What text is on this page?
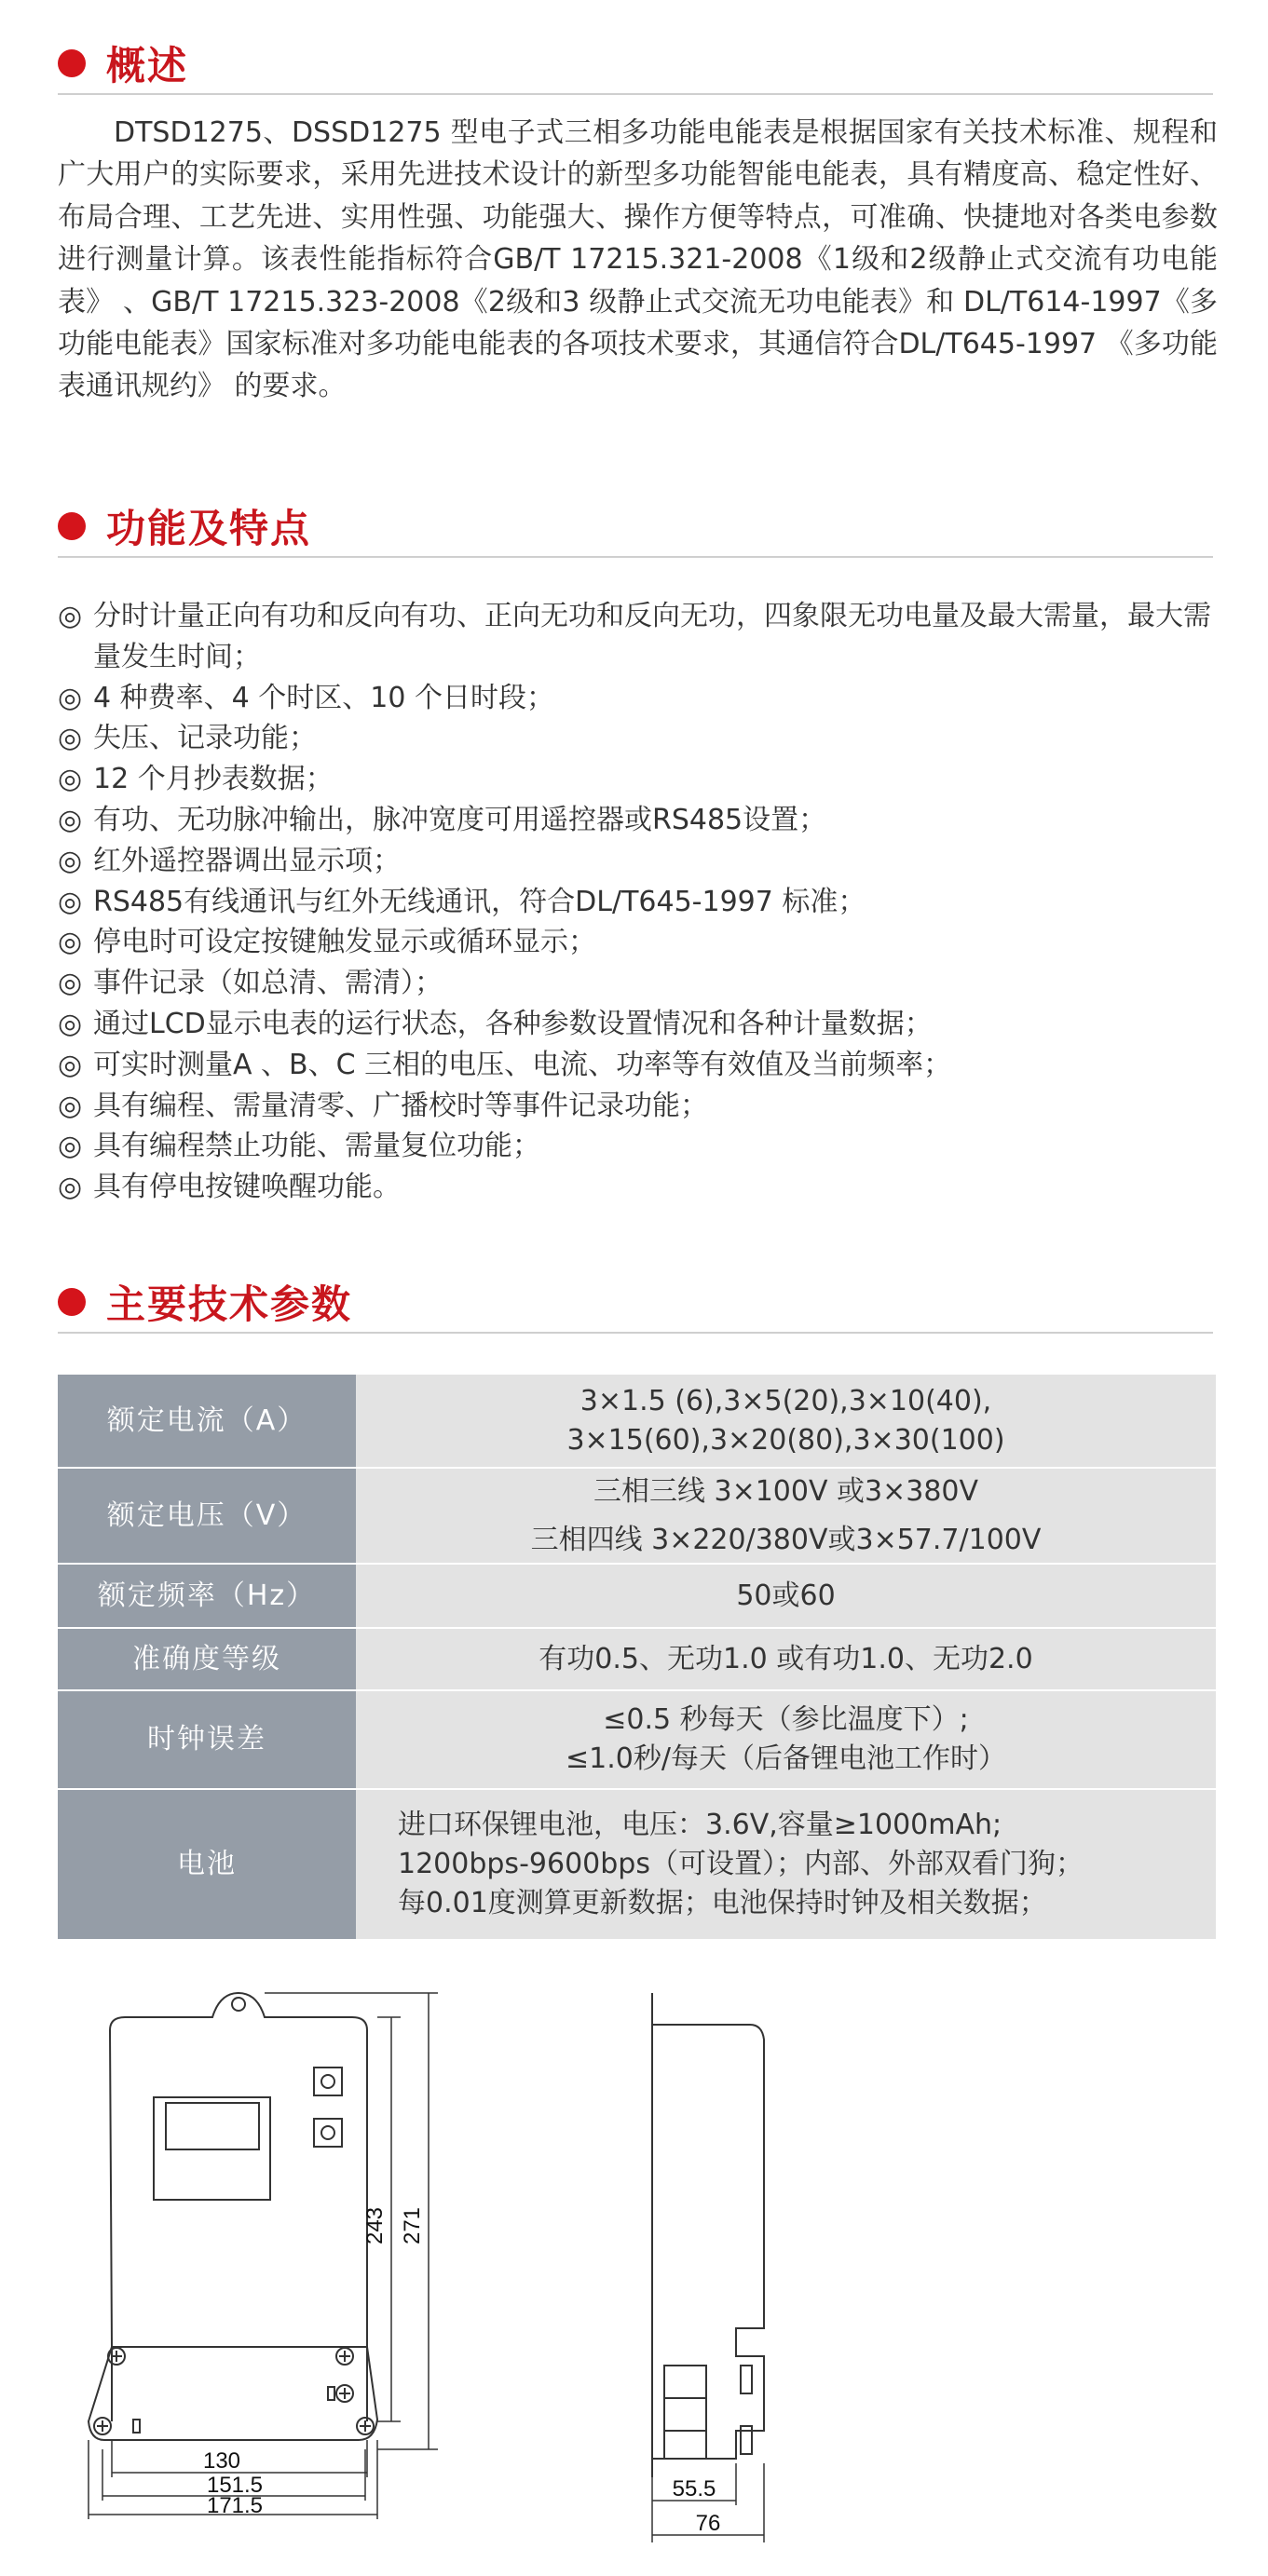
概述

DTSD1275、DSSD1275 型电子式三相多功能电能表是根据国家有关技术标准、规程和广大用户的实际要求，采用先进技术设计的新型多功能智能电能表，具有精度高、稳定性好、布局合理、工艺先进、实用性强、功能强大、操作方便等特点，可准确、快捷地对各类电参数进行测量计算。该表性能指标符合GB/T 17215.321-2008《1级和2级静止式交流有功电能表》 、GB/T 17215.323-2008《2级和3 级静止式交流无功电能表》和 DL/T614-1997《多功能电能表》国家标准对多功能电能表的各项技术要求，其通信符合DL/T645-1997 《多功能表通讯规约》 的要求。

功能及特点
◎ 分时计量正向有功和反向有功、正向无功和反向无功，四象限无功电量及最大需量，最大需量发生时间；
◎ 4 种费率、4 个时区、10 个日时段；
◎ 失压、记录功能；
◎ 12 个月抄表数据；
◎ 有功、无功脉冲输出，脉冲宽度可用遥控器或RS485设置；
◎ 红外遥控器调出显示项；
◎ RS485有线通讯与红外无线通讯，符合DL/T645-1997 标准；
◎ 停电时可设定按键触发显示或循环显示；
◎ 事件记录（如总清、需清）；
◎ 通过LCD显示电表的运行状态，各种参数设置情况和各种计量数据；
◎ 可实时测量A 、B、C 三相的电压、电流、功率等有效值及当前频率；
◎ 具有编程、需量清零、广播校时等事件记录功能；
◎ 具有编程禁止功能、需量复位功能；
◎ 具有停电按键唤醒功能。
主要技术参数
额定电流（A）	3×1.5 (6),3×5(20),3×10(40),
3×15(60),3×20(80),3×30(100)

额定电压（V）	三相三线 3×100V 或3×380V
三相四线 3×220/380V或3×57.7/100V

额定频率（Hz）	50或60

准确度等级	有功0.5、无功1.0 或有功1.0、无功2.0

时钟误差	≤0.5 秒每天（参比温度下）;
≤1.0秒/每天（后备锂电池工作时）

电池	进口环保锂电池，电压：3.6V,容量≥1000mAh;
1200bps-9600bps（可设置）；内部、外部双看门狗；
每0.01度测算更新数据；电池保持时钟及相关数据；
130
151.5
171.5
243 271
55.5
76
